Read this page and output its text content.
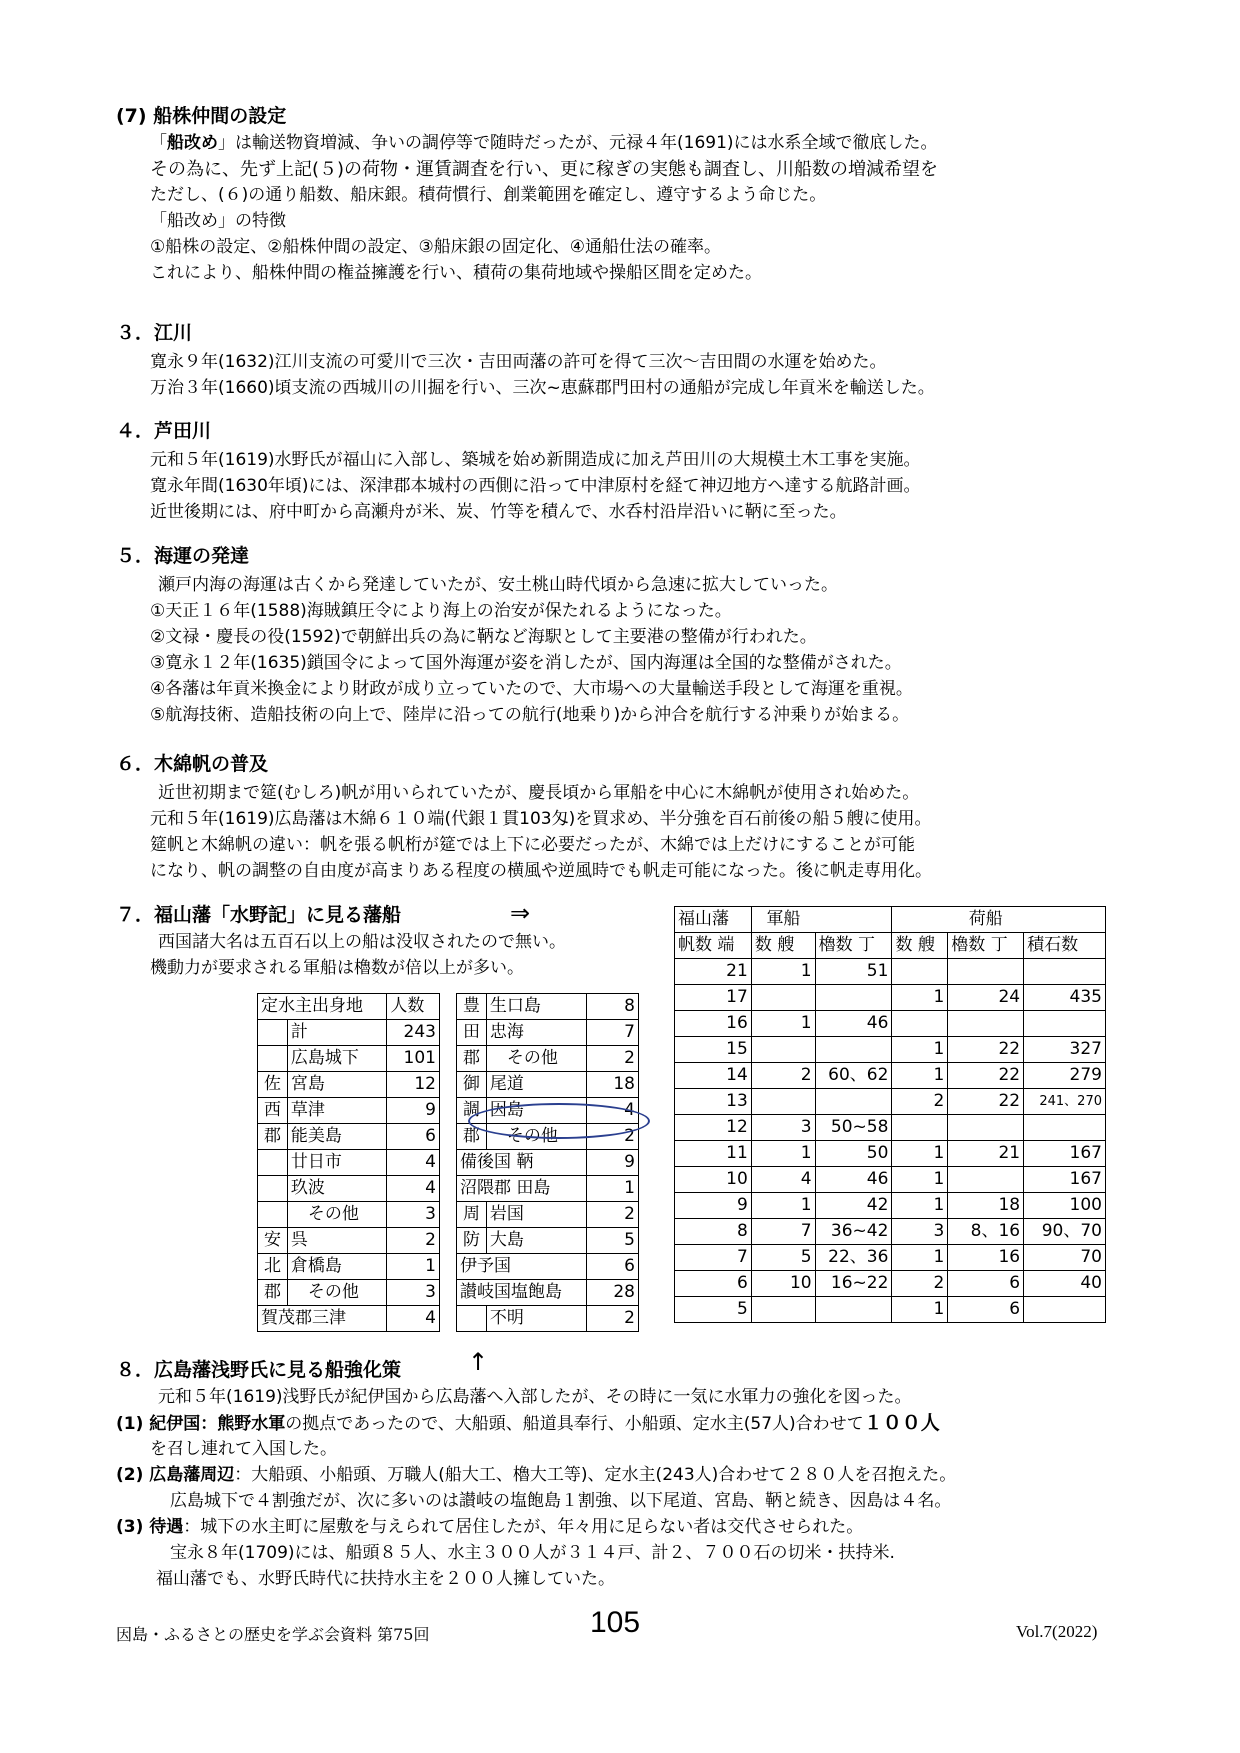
(7) 船株仲間の設定
「船改め」は輸送物資増減、争いの調停等で随時だったが、元禄４年(1691)には水系全域で徹底した。
その為に、先ず上記(５)の荷物・運賃調査を行い、更に稼ぎの実態も調査し、川船数の増減希望を
ただし、(６)の通り船数、船床銀。積荷慣行、創業範囲を確定し、遵守するよう命じた。
「船改め」の特徴
①船株の設定、②船株仲間の設定、③船床銀の固定化、④通船仕法の確率。
これにより、船株仲間の権益擁護を行い、積荷の集荷地域や操船区間を定めた。
３．江川
寛永９年(1632)江川支流の可愛川で三次・吉田両藩の許可を得て三次～吉田間の水運を始めた。
万治３年(1660)頃支流の西城川の川掘を行い、三次~恵蘇郡門田村の通船が完成し年貢米を輸送した。
４．芦田川
元和５年(1619)水野氏が福山に入部し、築城を始め新開造成に加え芦田川の大規模土木工事を実施。
寛永年間(1630年頃)には、深津郡本城村の西側に沿って中津原村を経て神辺地方へ達する航路計画。
近世後期には、府中町から高瀬舟が米、炭、竹等を積んで、水呑村沿岸沿いに鞆に至った。
５．海運の発達
瀬戸内海の海運は古くから発達していたが、安土桃山時代頃から急速に拡大していった。
①天正１６年(1588)海賊鎮圧令により海上の治安が保たれるようになった。
②文禄・慶長の役(1592)で朝鮮出兵の為に鞆など海駅として主要港の整備が行われた。
③寛永１２年(1635)鎖国令によって国外海運が姿を消したが、国内海運は全国的な整備がされた。
④各藩は年貢米換金により財政が成り立っていたので、大市場への大量輸送手段として海運を重視。
⑤航海技術、造船技術の向上で、陸岸に沿っての航行(地乗り)から沖合を航行する沖乗りが始まる。
６．木綿帆の普及
近世初期まで筵(むしろ)帆が用いられていたが、慶長頃から軍船を中心に木綿帆が使用され始めた。
元和５年(1619)広島藩は木綿６１０端(代銀１貫103匁)を買求め、半分強を百石前後の船５艘に使用。
筵帆と木綿帆の違い：帆を張る帆桁が筵では上下に必要だったが、木綿では上だけにすることが可能
になり、帆の調整の自由度が高まりある程度の横風や逆風時でも帆走可能になった。後に帆走専用化。
７．福山藩「水野記」に見る藩船	⇒
西国諸大名は五百石以上の船は没収されたので無い。
機動力が要求される軍船は櫓数が倍以上が多い。
定水主出身地		人数
	計	243
	広島城下	101
佐	宮島	12
西	草津	9
郡	能美島	6
	廿日市	4
	玖波	4
	　その他	3
安	呉	2
北	倉橋島	1
郡	　その他	3
賀茂郡三津		4
豊	生口島	8
田	忠海	7
郡	　その他	2
御	尾道	18
調	因島	4
郡	　その他	2
備後国 鞆		9
沼隈郡 田島		1
周	岩国	2
防	大島	5
伊予国		6
讃岐国塩飽島		28
	不明	2
福山藩	軍船			荷船	
帆数 端	数 艘	櫓数 丁	数 艘	櫓数 丁	積石数
21	1	51			
17			1	24	435
16	1	46			
15			1	22	327
14	2	60、62	1	22	279
13			2	22	241、270
12	3	50~58			
11	1	50	1	21	167
10	4	46	1		167
9	1	42	1	18	100
8	7	36~42	3	8、16	90、70
7	5	22、36	1	16	70
6	10	16~22	2	6	40
5			1	6	
８．広島藩浅野氏に見る船強化策	↑
元和５年(1619)浅野氏が紀伊国から広島藩へ入部したが、その時に一気に水軍力の強化を図った。
(1) 紀伊国：熊野水軍の拠点であったので、大船頭、船道具奉行、小船頭、定水主(57人)合わせて１００人
を召し連れて入国した。
(2) 広島藩周辺：大船頭、小船頭、万職人(船大工、櫓大工等)、定水主(243人)合わせて２８０人を召抱えた。
広島城下で４割強だが、次に多いのは讃岐の塩飽島１割強、以下尾道、宮島、鞆と続き、因島は４名。
(3) 待遇：城下の水主町に屋敷を与えられて居住したが、年々用に足らない者は交代させられた。
宝永８年(1709)には、船頭８５人、水主３００人が３１４戸、計２、７００石の切米・扶持米.
福山藩でも、水野氏時代に扶持水主を２００人擁していた。
因島・ふるさとの歴史を学ぶ会資料 第75回	105	Vol.7(2022)
